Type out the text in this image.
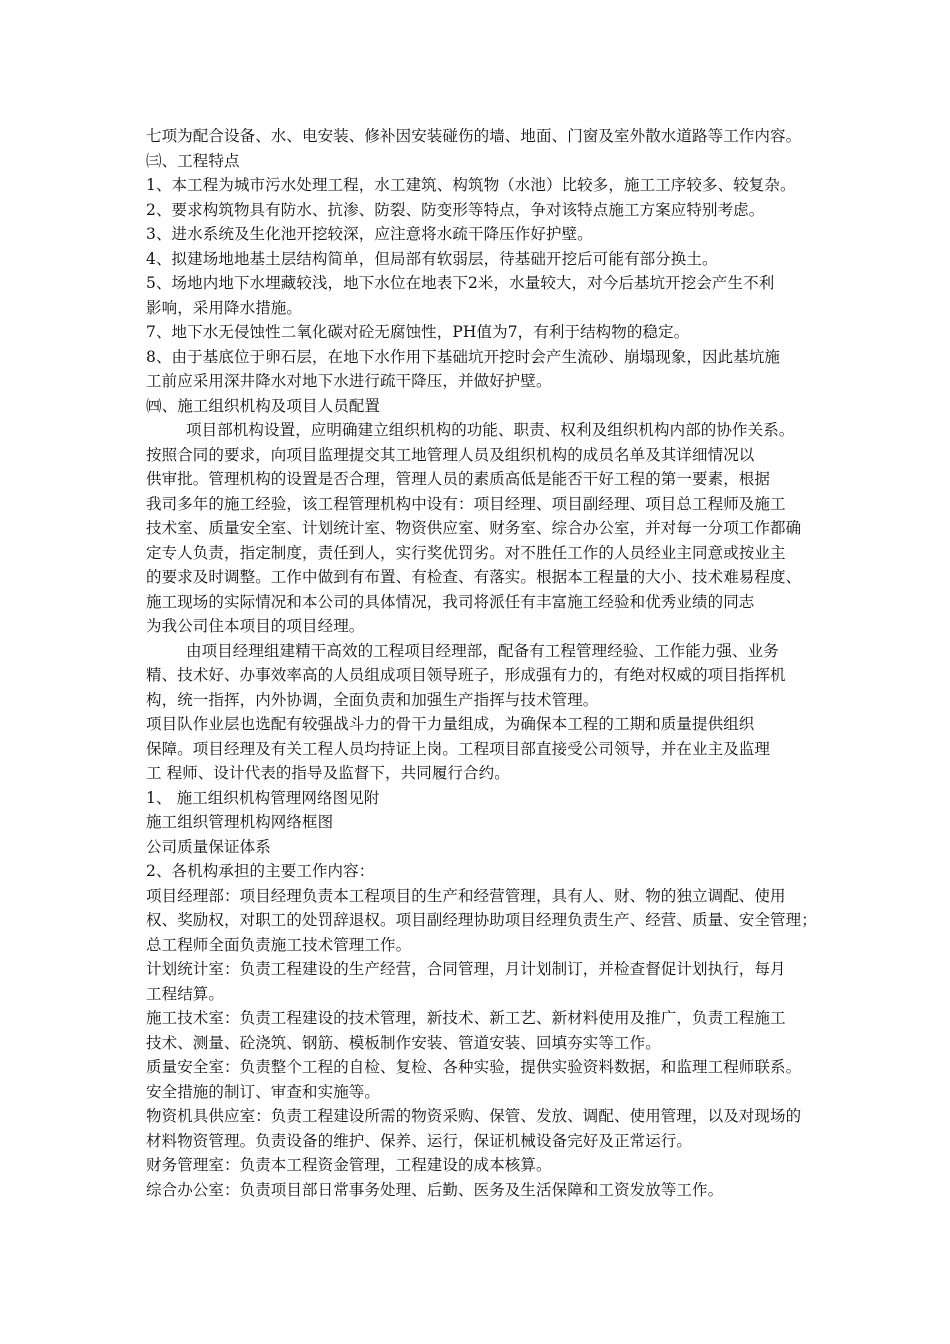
七项为配合设备、水、电安装、修补因安装碰伤的墙、地面、门窗及室外散水道路等工作内容。
㈢、工程特点
1、本工程为城市污水处理工程，水工建筑、构筑物（水池）比较多，施工工序较多、较复杂。
2、要求构筑物具有防水、抗渗、防裂、防变形等特点，争对该特点施工方案应特别考虑。
3、进水系统及生化池开挖较深，应注意将水疏干降压作好护壁。
4、拟建场地地基土层结构简单，但局部有软弱层，待基础开挖后可能有部分换土。
5、场地内地下水埋藏较浅，地下水位在地表下2米，水量较大，对今后基坑开挖会产生不利
影响，采用降水措施。
7、地下水无侵蚀性二氧化碳对砼无腐蚀性，PH值为7，有利于结构物的稳定。
8、由于基底位于卵石层，在地下水作用下基础坑开挖时会产生流砂、崩塌现象，因此基坑施
工前应采用深井降水对地下水进行疏干降压，并做好护壁。
㈣、施工组织机构及项目人员配置
项目部机构设置，应明确建立组织机构的功能、职责、权利及组织机构内部的协作关系。
按照合同的要求，向项目监理提交其工地管理人员及组织机构的成员名单及其详细情况以
供审批。管理机构的设置是否合理，管理人员的素质高低是能否干好工程的第一要素，根据
我司多年的施工经验，该工程管理机构中设有：项目经理、项目副经理、项目总工程师及施工
技术室、质量安全室、计划统计室、物资供应室、财务室、综合办公室，并对每一分项工作都确
定专人负责，指定制度，责任到人，实行奖优罚劣。对不胜任工作的人员经业主同意或按业主
的要求及时调整。工作中做到有布置、有检查、有落实。根据本工程量的大小、技术难易程度、
施工现场的实际情况和本公司的具体情况，我司将派任有丰富施工经验和优秀业绩的同志
为我公司住本项目的项目经理。
由项目经理组建精干高效的工程项目经理部，配备有工程管理经验、工作能力强、业务
精、技术好、办事效率高的人员组成项目领导班子，形成强有力的，有绝对权威的项目指挥机
构，统一指挥，内外协调，全面负责和加强生产指挥与技术管理。
项目队作业层也选配有较强战斗力的骨干力量组成，为确保本工程的工期和质量提供组织
保障。项目经理及有关工程人员均持证上岗。工程项目部直接受公司领导，并在业主及监理
工 程师、设计代表的指导及监督下，共同履行合约。
1、 施工组织机构管理网络图见附
施工组织管理机构网络框图
公司质量保证体系
2、各机构承担的主要工作内容：
项目经理部：项目经理负责本工程项目的生产和经营管理，具有人、财、物的独立调配、使用
权、奖励权，对职工的处罚辞退权。项目副经理协助项目经理负责生产、经营、质量、安全管理；
总工程师全面负责施工技术管理工作。
计划统计室：负责工程建设的生产经营，合同管理，月计划制订，并检查督促计划执行，每月
工程结算。
施工技术室：负责工程建设的技术管理，新技术、新工艺、新材料使用及推广，负责工程施工
技术、测量、砼浇筑、钢筋、模板制作安装、管道安装、回填夯实等工作。
质量安全室：负责整个工程的自检、复检、各种实验，提供实验资料数据，和监理工程师联系。
安全措施的制订、审查和实施等。
物资机具供应室：负责工程建设所需的物资采购、保管、发放、调配、使用管理，以及对现场的
材料物资管理。负责设备的维护、保养、运行，保证机械设备完好及正常运行。
财务管理室：负责本工程资金管理，工程建设的成本核算。
综合办公室：负责项目部日常事务处理、后勤、医务及生活保障和工资发放等工作。
